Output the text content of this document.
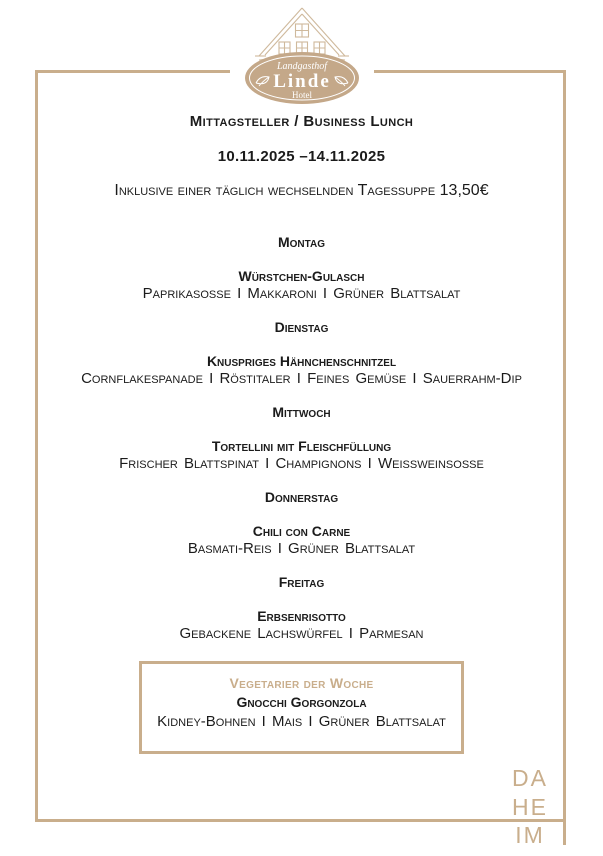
Landgasthof
Linde
Hotel
Mittagsteller / Business Lunch
10.11.2025 –14.11.2025
Inklusive einer täglich wechselnden Tagessuppe 13,50€
Montag
Würstchen-Gulasch
Paprikasoße I Makkaroni I Grüner Blattsalat
Dienstag
Knuspriges Hähnchenschnitzel
Cornflakespanade I Röstitaler I Feines Gemüse I Sauerrahm-Dip
Mittwoch
Tortellini mit Fleischfüllung
Frischer Blattspinat I Champignons I Weißweinsoße
Donnerstag
Chili con Carne
Basmati-Reis I Grüner Blattsalat
Freitag
Erbsenrisotto
Gebackene Lachswürfel I Parmesan
Vegetarier der Woche
Gnocchi Gorgonzola
Kidney-Bohnen I Mais I Grüner Blattsalat
DA
HE
IM
